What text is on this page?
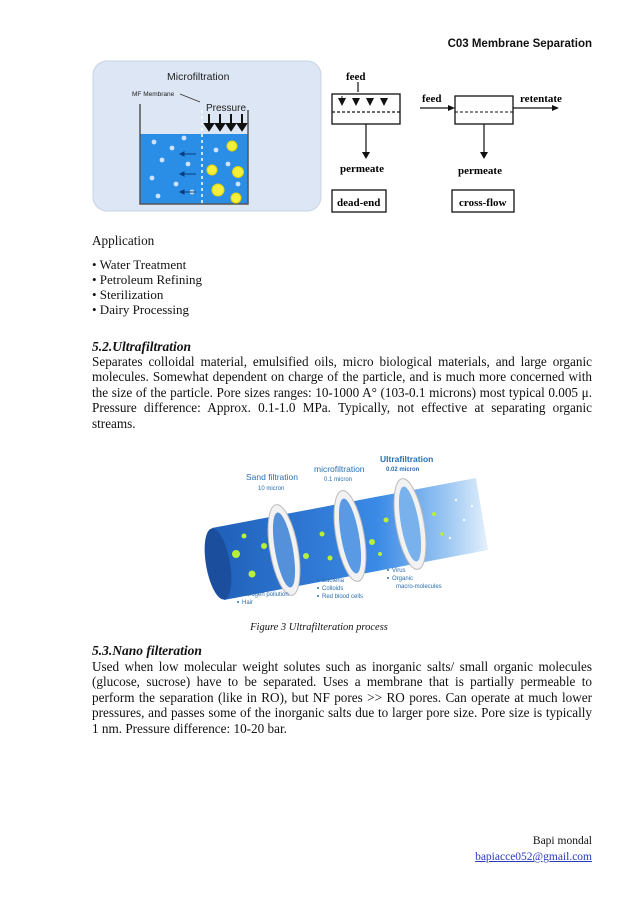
C03 Membrane Separation
Microfiltration
MF Membrane
Pressure
feed
permeate
dead-end
feed	retentate
permeate
cross-flow
Application
• Water Treatment
• Petroleum Refining
• Sterilization
• Dairy Processing
5.2.Ultrafiltration
Separates colloidal material, emulsified oils, micro biological materials, and large organic molecules. Somewhat dependent on charge of the particle, and is much more concerned with the size of the particle. Pore sizes ranges: 10-1000 A° (103-0.1 microns) most typical 0.005 μ. Pressure difference: Approx. 0.1-1.0 MPa. Typically, not effective at separating organic streams.
Sand filtration
10 micron
microfiltration
0.1 micron
Ultrafiltration
0.02 micron
Nitrogen pollution
Hair
Bacteria
Colloids
Red blood cells
Virus
Organic
macro-molecules
Figure 3 Ultrafilteration process
5.3.Nano filteration
Used when low molecular weight solutes such as inorganic salts/ small organic molecules (glucose, sucrose) have to be separated. Uses a membrane that is partially permeable to perform the separation (like in RO), but NF pores >> RO pores. Can operate at much lower pressures, and passes some of the inorganic salts due to larger pore size. Pore size is typically 1 nm. Pressure difference: 10-20 bar.
Bapi mondal
bapiacce052@gmail.com
